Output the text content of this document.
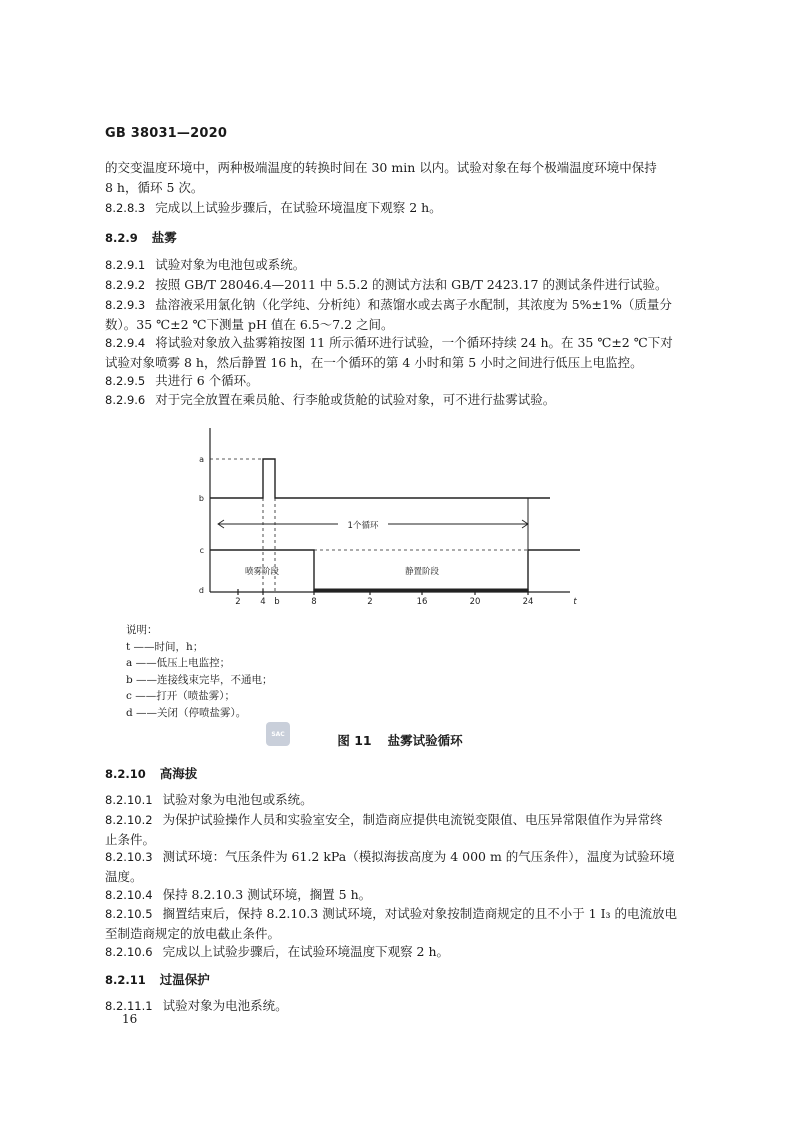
GB 38031—2020
的交变温度环境中，两种极端温度的转换时间在 30 min 以内。试验对象在每个极端温度环境中保持
8 h，循环 5 次。
8.2.8.3 完成以上试验步骤后，在试验环境温度下观察 2 h。
8.2.9 盐雾
8.2.9.1 试验对象为电池包或系统。
8.2.9.2 按照 GB/T 28046.4—2011 中 5.5.2 的测试方法和 GB/T 2423.17 的测试条件进行试验。
8.2.9.3 盐溶液采用氯化钠（化学纯、分析纯）和蒸馏水或去离子水配制，其浓度为 5%±1%（质量分
数）。35 ℃±2 ℃下测量 pH 值在 6.5～7.2 之间。
8.2.9.4 将试验对象放入盐雾箱按图 11 所示循环进行试验，一个循环持续 24 h。在 35 ℃±2 ℃下对
试验对象喷雾 8 h，然后静置 16 h，在一个循环的第 4 小时和第 5 小时之间进行低压上电监控。
8.2.9.5 共进行 6 个循环。
8.2.9.6 对于完全放置在乘员舱、行李舱或货舱的试验对象，可不进行盐雾试验。
a
b
c
d
2 4 b	8	2	16	20	24	t
1个循环
喷雾阶段	静置阶段
说明：
t ——时间，h；
a ——低压上电监控；
b ——连接线束完毕，不通电；
c ——打开（喷盐雾）；
d ——关闭（停喷盐雾）。
SAC	图 11 盐雾试验循环
8.2.10 高海拔
8.2.10.1 试验对象为电池包或系统。
8.2.10.2 为保护试验操作人员和实验室安全，制造商应提供电流锐变限值、电压异常限值作为异常终
止条件。
8.2.10.3 测试环境：气压条件为 61.2 kPa（模拟海拔高度为 4 000 m 的气压条件），温度为试验环境
温度。
8.2.10.4 保持 8.2.10.3 测试环境，搁置 5 h。
8.2.10.5 搁置结束后，保持 8.2.10.3 测试环境，对试验对象按制造商规定的且不小于 1 I₃ 的电流放电
至制造商规定的放电截止条件。
8.2.10.6 完成以上试验步骤后，在试验环境温度下观察 2 h。
8.2.11 过温保护
8.2.11.1 试验对象为电池系统。
16
